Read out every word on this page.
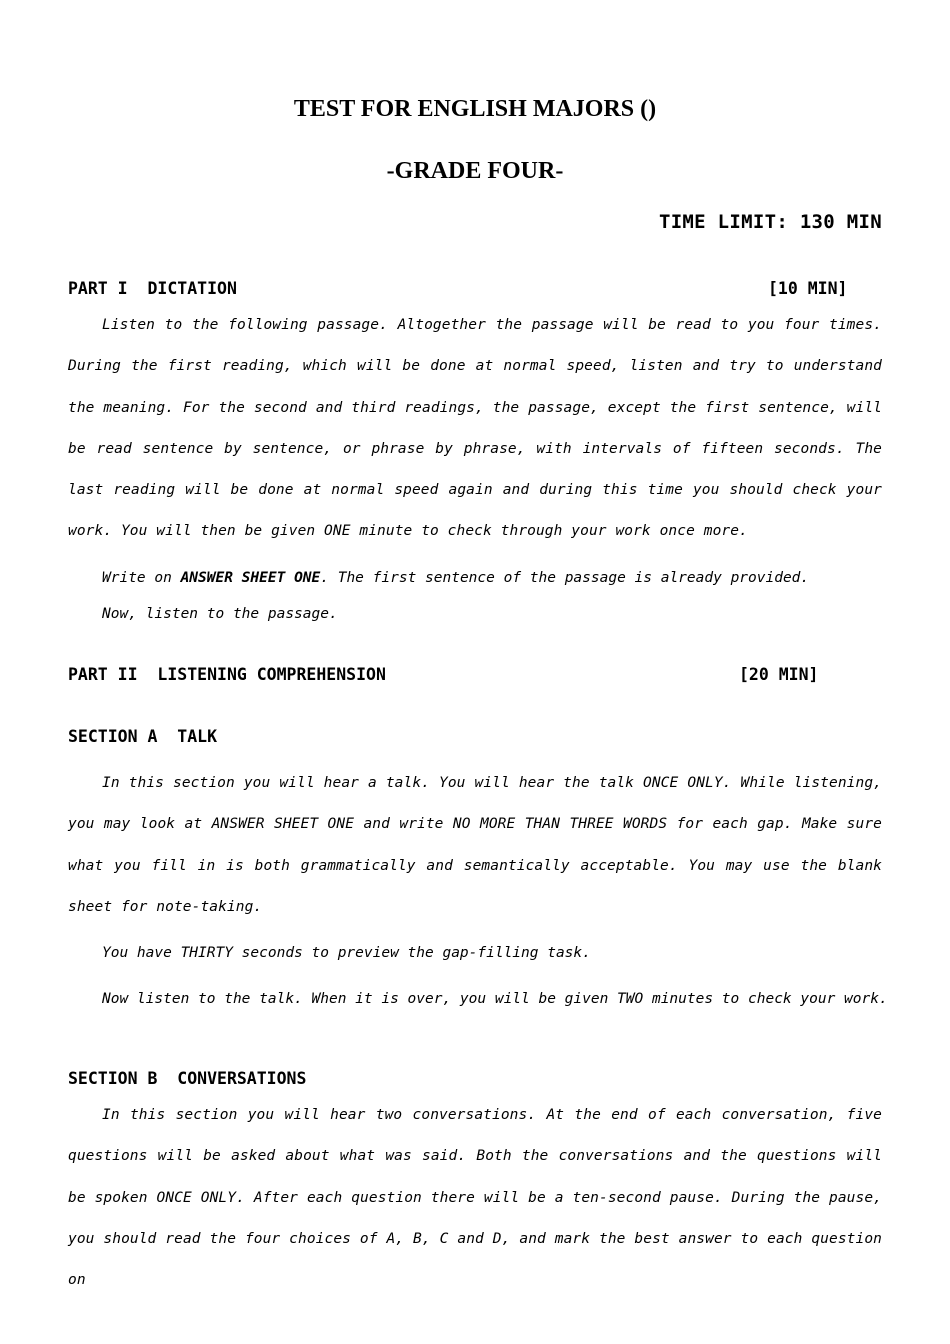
TEST FOR ENGLISH MAJORS ()
-GRADE FOUR-
TIME LIMIT: 130 MIN
PART I  DICTATION	[10 MIN]
Listen to the following passage. Altogether the passage will be read to you four times. During the first reading, which will be done at normal speed, listen and try to understand the meaning. For the second and third readings, the passage, except the first sentence, will be read sentence by sentence, or phrase by phrase, with intervals of fifteen seconds. The last reading will be done at normal speed again and during this time you should check your work. You will then be given ONE minute to check through your work once more.
Write on ANSWER SHEET ONE. The first sentence of the passage is already provided.
Now, listen to the passage.
PART II  LISTENING COMPREHENSION	[20 MIN]
SECTION A  TALK
In this section you will hear a talk. You will hear the talk ONCE ONLY. While listening, you may look at ANSWER SHEET ONE and write NO MORE THAN THREE WORDS for each gap. Make sure what you fill in is both grammatically and semantically acceptable. You may use the blank sheet for note-taking.
You have THIRTY seconds to preview the gap-filling task.
Now listen to the talk. When it is over, you will be given TWO minutes to check your work.
SECTION B  CONVERSATIONS
In this section you will hear two conversations. At the end of each conversation, five questions will be asked about what was said. Both the conversations and the questions will be spoken ONCE ONLY. After each question there will be a ten-second pause. During the pause, you should read the four choices of A, B, C and D, and mark the best answer to each question on
